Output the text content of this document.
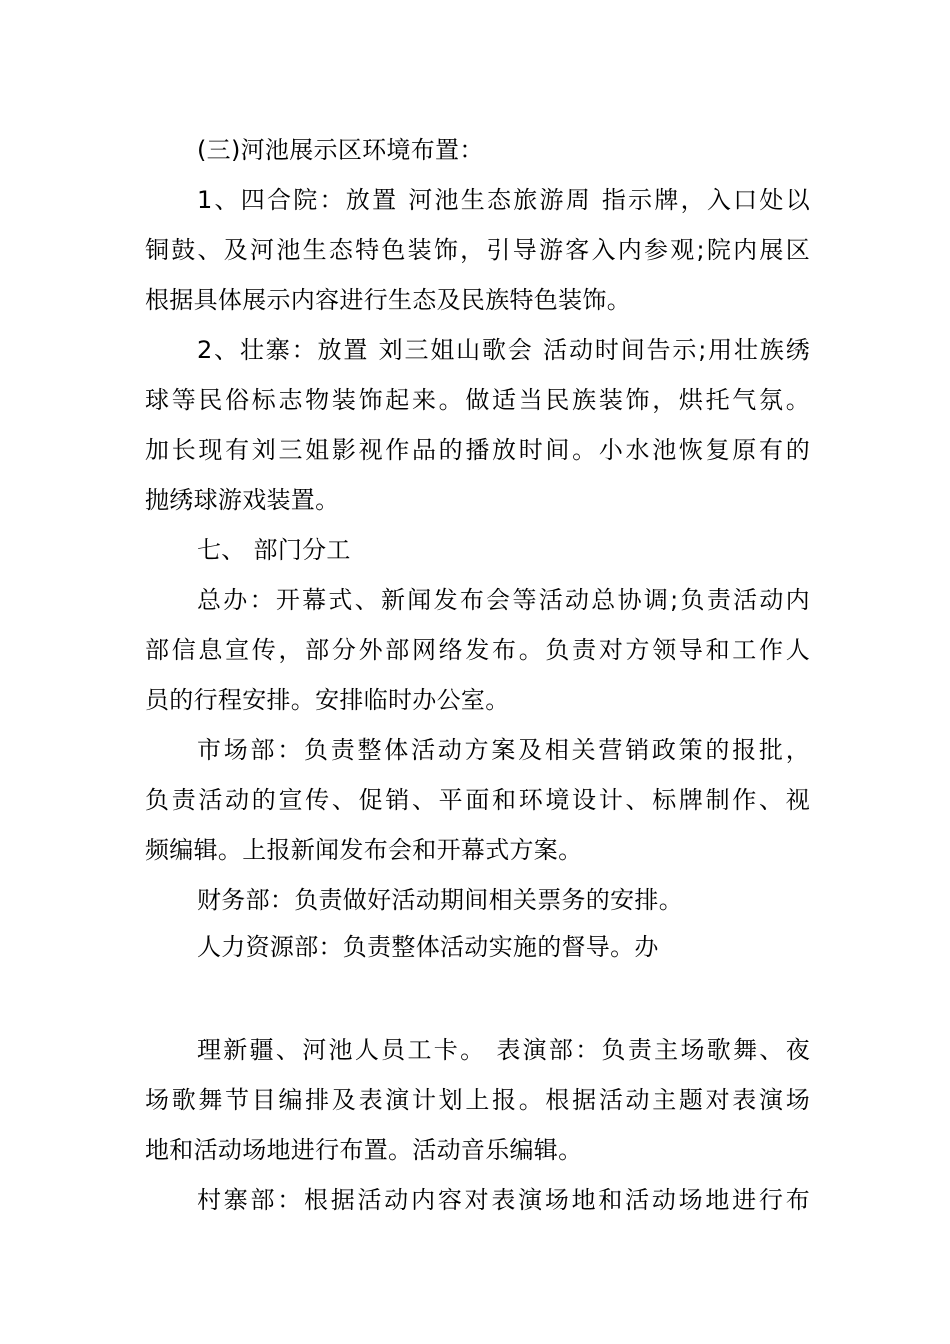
(三)河池展示区环境布置：
1、四合院：放置 河池生态旅游周 指示牌，入口处以
铜鼓、及河池生态特色装饰，引导游客入内参观;院内展区
根据具体展示内容进行生态及民族特色装饰。
2、壮寨：放置 刘三姐山歌会 活动时间告示;用壮族绣
球等民俗标志物装饰起来。做适当民族装饰，烘托气氛。
加长现有刘三姐影视作品的播放时间。小水池恢复原有的
抛绣球游戏装置。
七、 部门分工
总办：开幕式、新闻发布会等活动总协调;负责活动内
部信息宣传，部分外部网络发布。负责对方领导和工作人
员的行程安排。安排临时办公室。
市场部：负责整体活动方案及相关营销政策的报批，
负责活动的宣传、促销、平面和环境设计、标牌制作、视
频编辑。上报新闻发布会和开幕式方案。
财务部：负责做好活动期间相关票务的安排。
人力资源部：负责整体活动实施的督导。办
理新疆、河池人员工卡。 表演部：负责主场歌舞、夜
场歌舞节目编排及表演计划上报。根据活动主题对表演场
地和活动场地进行布置。活动音乐编辑。
村寨部：根据活动内容对表演场地和活动场地进行布
